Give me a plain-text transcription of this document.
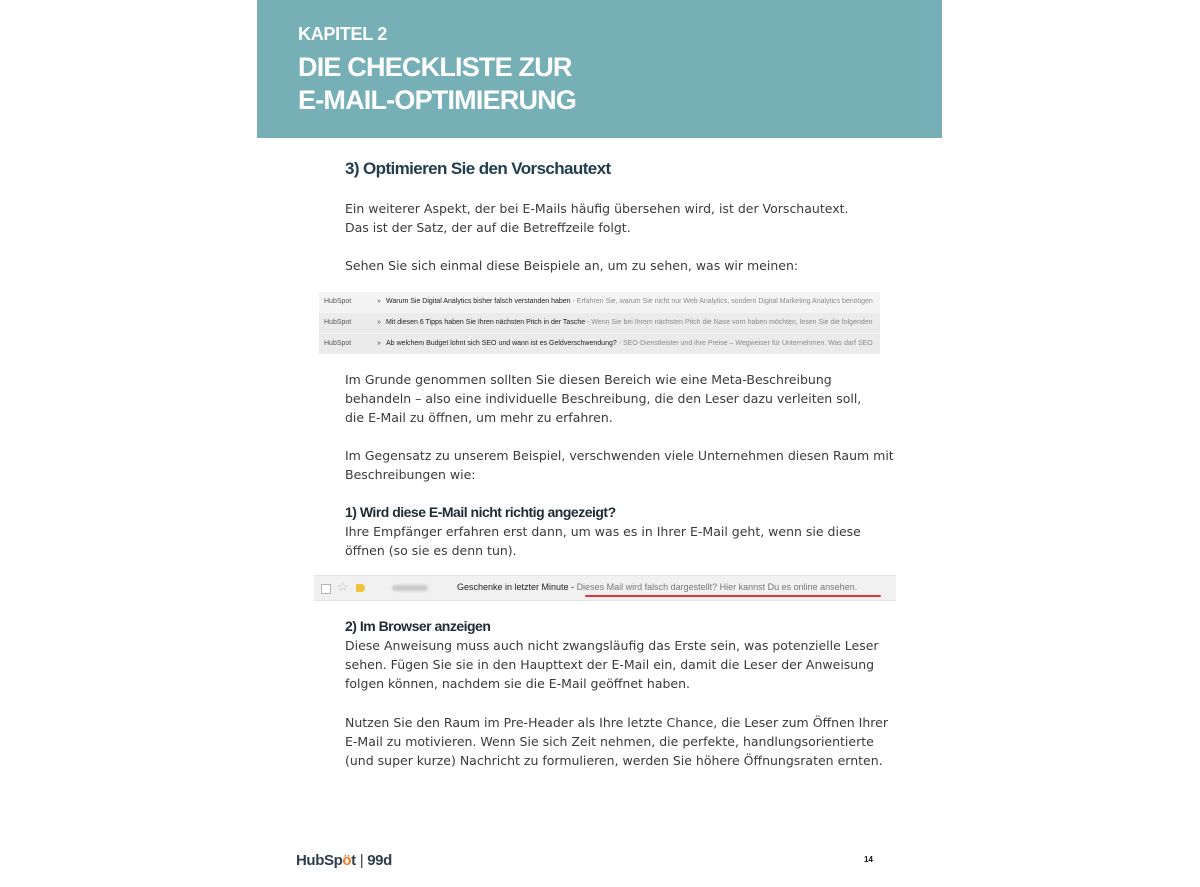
KAPITEL 2
DIE CHECKLISTE ZUR
E-MAIL-OPTIMIERUNG
3) Optimieren Sie den Vorschautext
Ein weiterer Aspekt, der bei E-Mails häufig übersehen wird, ist der Vorschautext.
Das ist der Satz, der auf die Betreffzeile folgt.
Sehen Sie sich einmal diese Beispiele an, um zu sehen, was wir meinen:
HubSpot	» Warum Sie Digital Analytics bisher falsch verstanden haben - Erfahren Sie, warum Sie nicht nur Web Analytics, sondern Digital Marketing Analytics benötigen
HubSpot	» Mit diesen 6 Tipps haben Sie Ihren nächsten Pitch in der Tasche - Wenn Sie bei Ihrem nächsten Pitch die Nase vorn haben möchten, lesen Sie die folgenden
HubSpot	» Ab welchem Budget lohnt sich SEO und wann ist es Geldverschwendung? - SEO-Dienstleister und ihre Preise – Wegweiser für Unternehmen. Was darf SEO
Im Grunde genommen sollten Sie diesen Bereich wie eine Meta-Beschreibung
behandeln – also eine individuelle Beschreibung, die den Leser dazu verleiten soll,
die E-Mail zu öffnen, um mehr zu erfahren.
Im Gegensatz zu unserem Beispiel, verschwenden viele Unternehmen diesen Raum mit
Beschreibungen wie:
1) Wird diese E-Mail nicht richtig angezeigt?
Ihre Empfänger erfahren erst dann, um was es in Ihrer E-Mail geht, wenn sie diese
öffnen (so sie es denn tun).
☆	Geschenke in letzter Minute - Dieses Mail wird falsch dargestellt? Hier kannst Du es online ansehen.
2) Im Browser anzeigen
Diese Anweisung muss auch nicht zwangsläufig das Erste sein, was potenzielle Leser
sehen. Fügen Sie sie in den Haupttext der E-Mail ein, damit die Leser der Anweisung
folgen können, nachdem sie die E-Mail geöffnet haben.
Nutzen Sie den Raum im Pre-Header als Ihre letzte Chance, die Leser zum Öffnen Ihrer
E-Mail zu motivieren. Wenn Sie sich Zeit nehmen, die perfekte, handlungsorientierte
(und super kurze) Nachricht zu formulieren, werden Sie höhere Öffnungsraten ernten.
HubSpöt | 99d	14
